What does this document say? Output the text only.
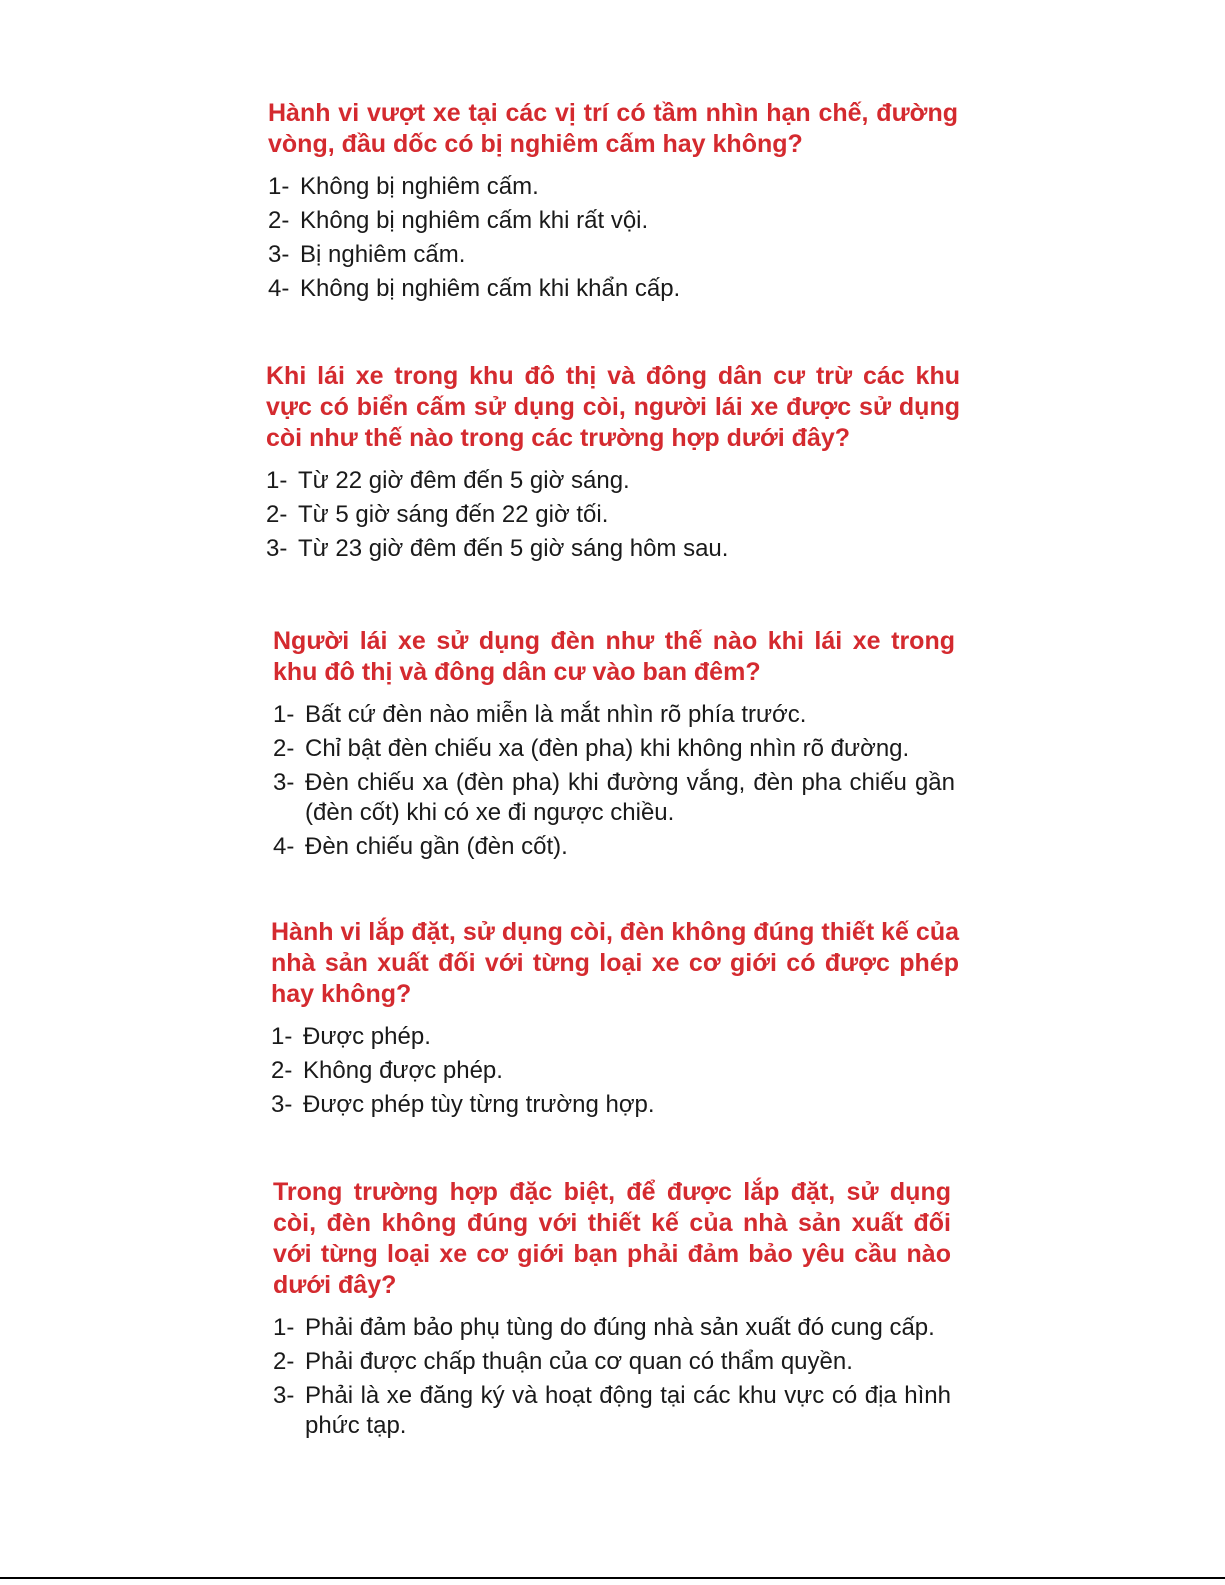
Hành vi vượt xe tại các vị trí có tầm nhìn hạn chế, đường vòng, đầu dốc có bị nghiêm cấm hay không?

1- Không bị nghiêm cấm.
2- Không bị nghiêm cấm khi rất vội.
3- Bị nghiêm cấm.
4- Không bị nghiêm cấm khi khẩn cấp.

Khi lái xe trong khu đô thị và đông dân cư trừ các khu vực có biển cấm sử dụng còi, người lái xe được sử dụng còi như thế nào trong các trường hợp dưới đây?

1- Từ 22 giờ đêm đến 5 giờ sáng.
2- Từ 5 giờ sáng đến 22 giờ tối.
3- Từ 23 giờ đêm đến 5 giờ sáng hôm sau.

Người lái xe sử dụng đèn như thế nào khi lái xe trong khu đô thị và đông dân cư vào ban đêm?

1- Bất cứ đèn nào miễn là mắt nhìn rõ phía trước.
2- Chỉ bật đèn chiếu xa (đèn pha) khi không nhìn rõ đường.
3- Đèn chiếu xa (đèn pha) khi đường vắng, đèn pha chiếu gần (đèn cốt) khi có xe đi ngược chiều.
4- Đèn chiếu gần (đèn cốt).

Hành vi lắp đặt, sử dụng còi, đèn không đúng thiết kế của nhà sản xuất đối với từng loại xe cơ giới có được phép hay không?

1- Được phép.
2- Không được phép.
3- Được phép tùy từng trường hợp.

Trong trường hợp đặc biệt, để được lắp đặt, sử dụng còi, đèn không đúng với thiết kế của nhà sản xuất đối với từng loại xe cơ giới bạn phải đảm bảo yêu cầu nào dưới đây?

1- Phải đảm bảo phụ tùng do đúng nhà sản xuất đó cung cấp.
2- Phải được chấp thuận của cơ quan có thẩm quyền.
3- Phải là xe đăng ký và hoạt động tại các khu vực có địa hình phức tạp.
